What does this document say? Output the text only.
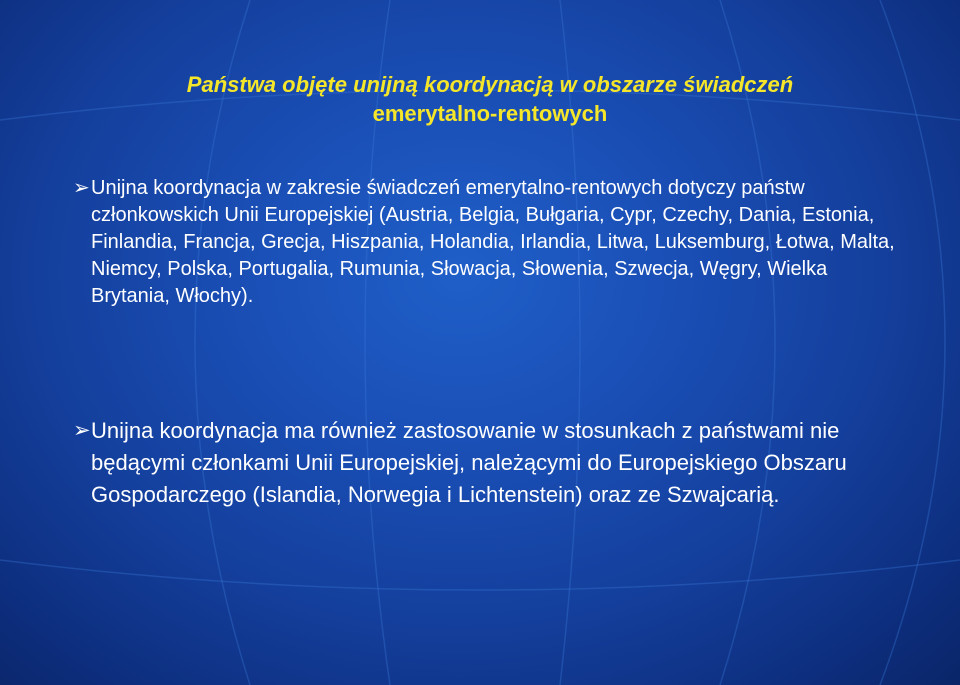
Państwa objęte unijną koordynacją w obszarze świadczeń
emerytalno-rentowych
➢ Unijna koordynacja w zakresie świadczeń emerytalno-rentowych dotyczy państw członkowskich Unii Europejskiej (Austria, Belgia, Bułgaria, Cypr, Czechy, Dania, Estonia, Finlandia, Francja, Grecja, Hiszpania, Holandia, Irlandia, Litwa, Luksemburg, Łotwa, Malta, Niemcy, Polska, Portugalia, Rumunia, Słowacja, Słowenia, Szwecja, Węgry, Wielka Brytania, Włochy).
➢ Unijna koordynacja ma również zastosowanie w stosunkach z państwami nie będącymi członkami Unii Europejskiej, należącymi do Europejskiego Obszaru Gospodarczego (Islandia, Norwegia i Lichtenstein) oraz ze Szwajcarią.
